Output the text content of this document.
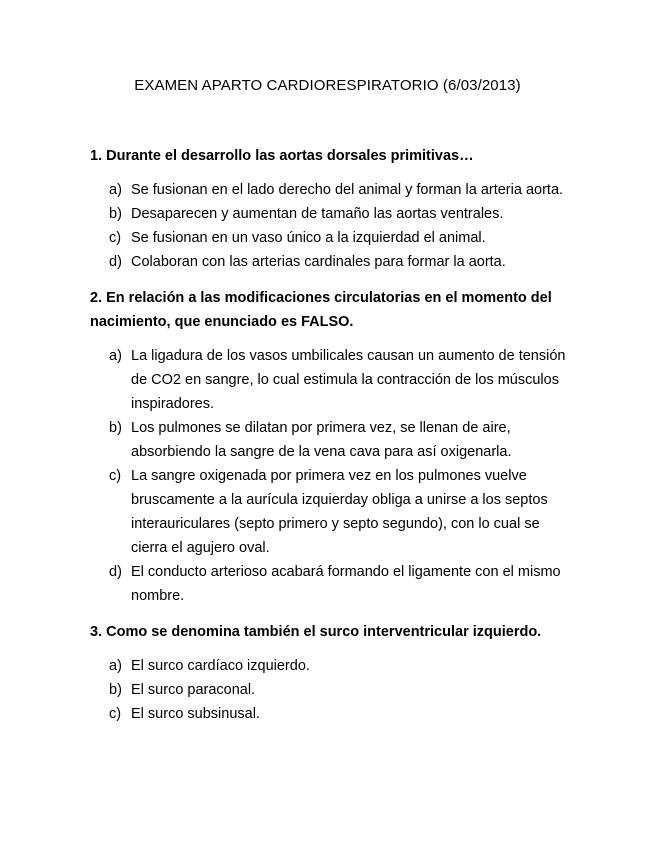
EXAMEN APARTO CARDIORESPIRATORIO (6/03/2013)

1. Durante el desarrollo las aortas dorsales primitivas…

a) Se fusionan en el lado derecho del animal y forman la arteria aorta.
b) Desaparecen y aumentan de tamaño las aortas ventrales.
c) Se fusionan en un vaso único a la izquierdad el animal.
d) Colaboran con las arterias cardinales para formar la aorta.

2. En relación a las modificaciones circulatorias en el momento del nacimiento, que enunciado es FALSO.

a) La ligadura de los vasos umbilicales causan un aumento de tensión de CO2 en sangre, lo cual estimula la contracción de los músculos inspiradores.
b) Los pulmones se dilatan por primera vez, se llenan de aire, absorbiendo la sangre de la vena cava para así oxigenarla.
c) La sangre oxigenada por primera vez en los pulmones vuelve bruscamente a la aurícula izquierday obliga a unirse a los septos interauriculares (septo primero y septo segundo), con lo cual se cierra el agujero oval.
d) El conducto arterioso acabará formando el ligamente con el mismo nombre.

3. Como se denomina también el surco interventricular izquierdo.

a) El surco cardíaco izquierdo.
b) El surco paraconal.
c) El surco subsinusal.
